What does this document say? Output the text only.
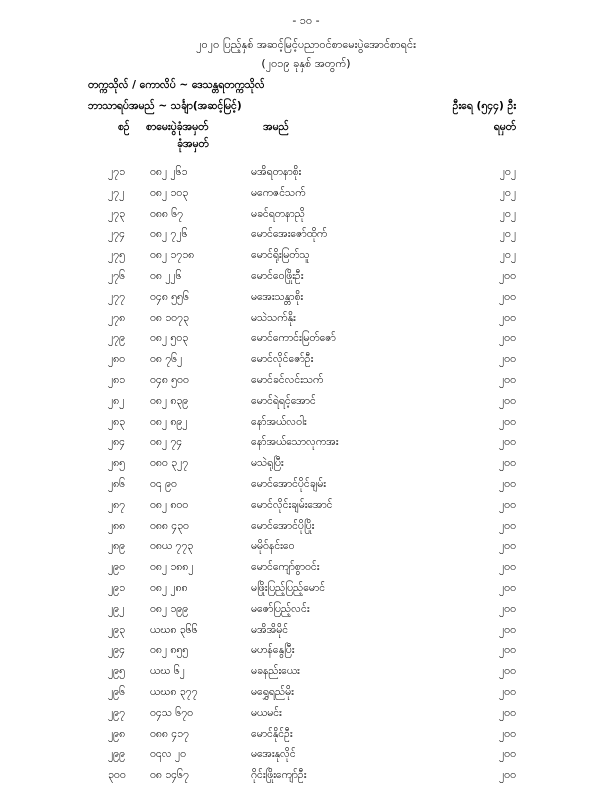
- ၁၀ -
၂၀၂၀ ပြည့်နှစ် အဆင့်မြင့်ပညာဝင်စာမေးပွဲအောင်စာရင်း
(၂၀၁၉ ခုနှစ် အတွက်)
တက္ကသိုလ် / ကောလိပ် ~ ဒေသန္တရတက္ကသိုလ်
ဘာသာရပ်အမည် ~ သင်္ချာ(အဆင့်မြင့်)	ဦးရေ (၅၄၄) ဦး
စဉ် စာမေးပွဲခုံအမှတ်
ခုံအမှတ်
အမည်	ရမှတ်
၂၇၁ ၀၈၂ ၂၆၁	မအိရတနာစိုး	၂၀၂
၂၇၂ ၀၈၂ ၁၀၃	မကေဇင်သက်	၂၀၂
၂၇၃ ၀၈၈ ၆၇	မခင်ရတနာညို	၂၀၂
၂၇၄ ၀၈၂ ၇၂၆	မောင်အေးဇော်ထိုက်	၂၀၂
၂၇၅ ၀၈၂ ၁၇၁၈	မောင်ရိုးမြတ်သူ	၂၀၂
၂၇၆ ၀၈ ၂၂၆	မောင်ဝေဖြိုးဦး	၂၀၀
၂၇၇ ၀၄၈ ၅၅၆	မအေးသန္တာစိုး	၂၀၀
၂၇၈ ၀၈ ၁၀၇၃	မသဲသက်နိုး	၂၀၀
၂၇၉ ၀၈၂ ၅၀၃	မောင်ကောင်းမြတ်ဇော်	၂၀၀
၂၈၀ ၀၈ ၇၆၂	မောင်လိုင်ဇော်ဦး	၂၀၀
၂၈၁ ၀၄၈ ၅၀၀	မောင်ခင်လင်းသက်	၂၀၀
၂၈၂ ၀၈၂ ၈၃၉	မောင်ရဲရင့်အောင်	၂၀၀
၂၈၃ ၀၈၂ ၈၉၂	နော်အယ်လဝါး	၂၀၀
၂၈၄ ၀၈၂ ၇၄	နော်အယ်သောလုကအး	၂၀၀
၂၈၅ ၀၈၀ ၃၂၇	မသဲရုပြီး	၂၀၀
၂၈၆ ၀၎ ၉၀	မောင်အောင်ပိုင်ချမ်း	၂၀၀
၂၈၇ ၀၈၂ ၈၀၀	မောင်လိုင်းချမ်းအောင်	၂၀၀
၂၈၈ ၀၈၈ ၄၃၀	မောင်အောင်ပိုပြိုး	၂၀၀
၂၈၉ ၀၈ယ ၇၇၃	မမိုဝ်နင်းဝေ	၂၀၀
၂၉၀ ၀၈၂ ၁၈၈၂	မောင်ကျော်စွာဝင်း	၂၀၀
၂၉၁ ၀၈၂ ၂၈၈	မဖြိုးပြည့်ပြည့်မောင်	၂၀၀
၂၉၂ ၀၈၂ ၁၉၉	မဇော်ပြည့်လင်း	၂၀၀
၂၉၃ ယဃ၈ ၃၆၆	မအိအိမိုင်	၂၀၀
၂၉၄ ၀၈၂ ၈၅၅	မဟန်နွေပြီး	၂၀၀
၂၉၅ ယဃ ၆၂	မခနည်းယေး	၂၀၀
၂၉၆ ယဃ၈ ၃၇၇	မရွှေရည်မိုး	၂၀၀
၂၉၇ ၀၄သ ၆၇၀	မယမင်း	၂၀၀
၂၉၈ ၀၈၈ ၄၁၇	မောင်နိုင်ဦး	၂၀၀
၂၉၉ ၀၎လ ၂၀	မအေးနုလိုင်	၂၀၀
၃၀၀ ၀၈ ၁၄၆၇	ဂိုင်းဖြိုးကျော်ဦး	၂၀၀
